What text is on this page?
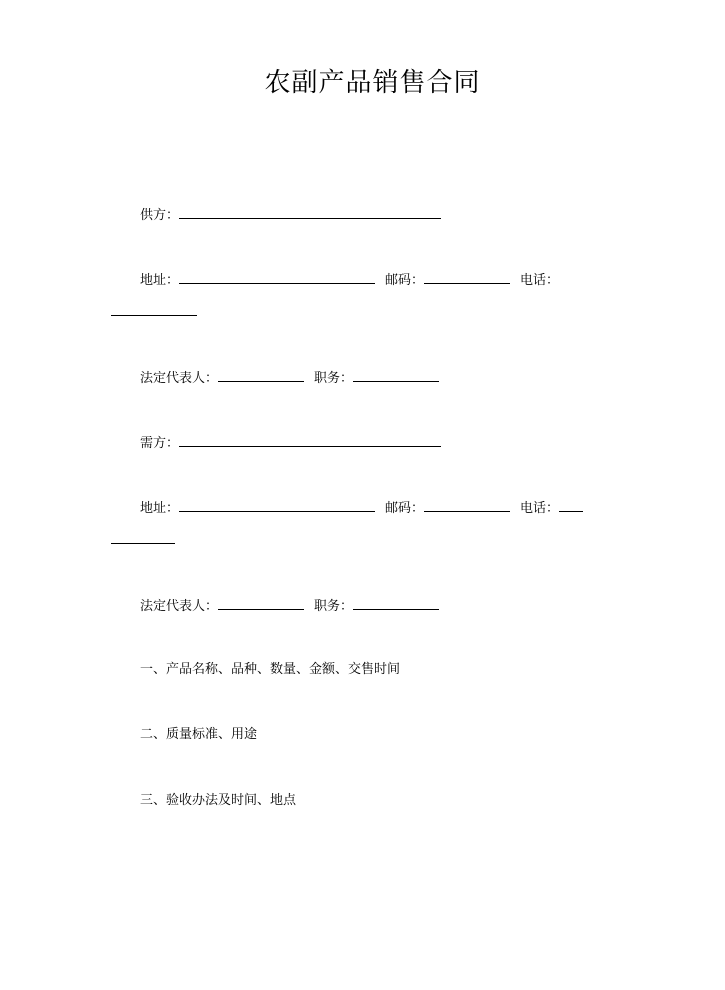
农副产品销售合同
供方：
地址：	邮码：	电话：
法定代表人：	职务：
需方：
地址：	邮码：	电话：
法定代表人：	职务：
一、产品名称、品种、数量、金额、交售时间
二、质量标准、用途
三、验收办法及时间、地点
